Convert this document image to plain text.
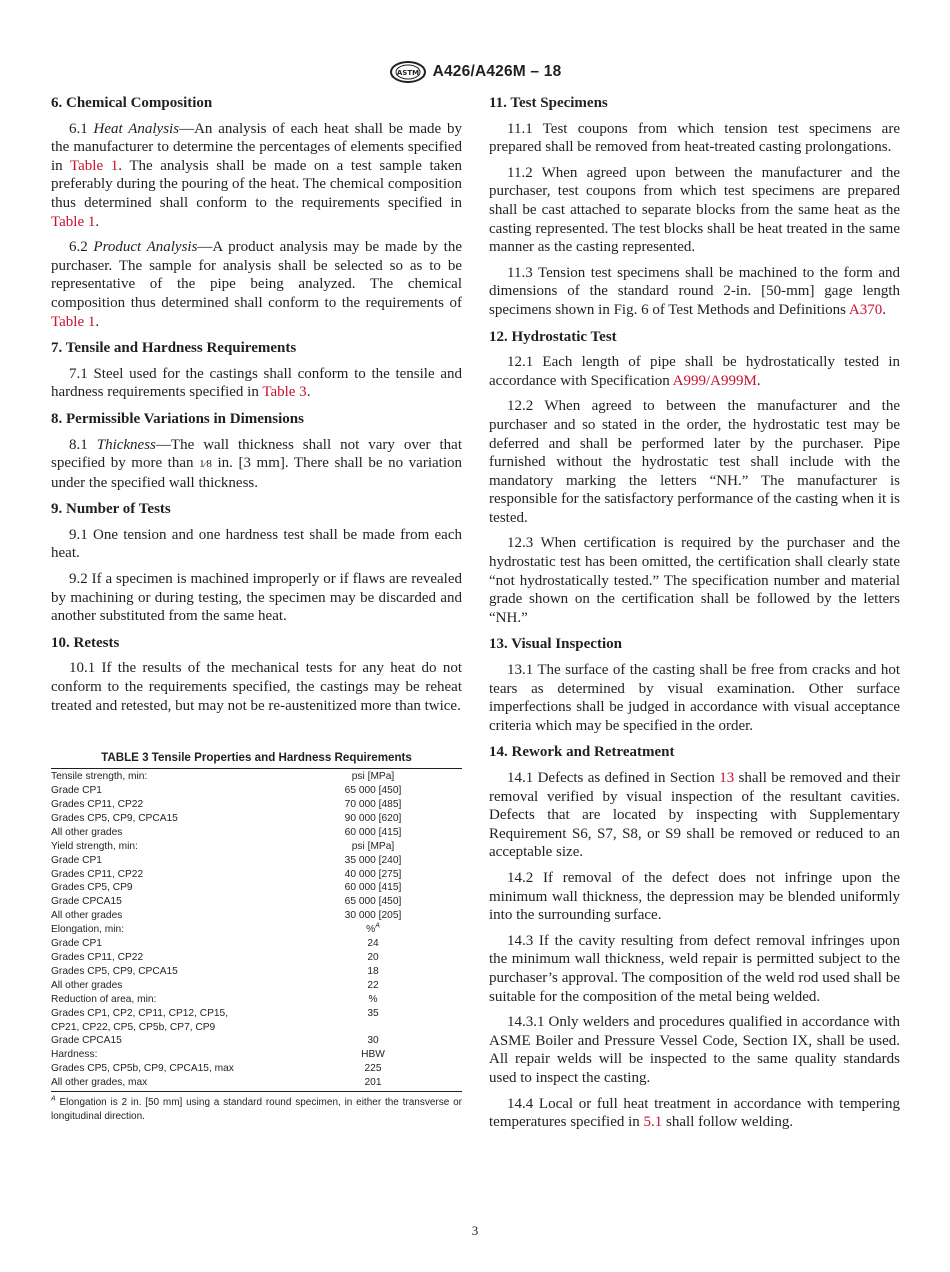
ASTM A426/A426M – 18
6. Chemical Composition

6.1 Heat Analysis—An analysis of each heat shall be made by the manufacturer to determine the percentages of elements specified in Table 1. The analysis shall be made on a test sample taken preferably during the pouring of the heat. The chemical composition thus determined shall conform to the requirements specified in Table 1.

6.2 Product Analysis—A product analysis may be made by the purchaser. The sample for analysis shall be selected so as to be representative of the pipe being analyzed. The chemical composition thus determined shall conform to the requirements of Table 1.

7. Tensile and Hardness Requirements

7.1 Steel used for the castings shall conform to the tensile and hardness requirements specified in Table 3.

8. Permissible Variations in Dimensions

8.1 Thickness—The wall thickness shall not vary over that specified by more than 1⁄8 in. [3 mm]. There shall be no variation under the specified wall thickness.

9. Number of Tests

9.1 One tension and one hardness test shall be made from each heat.

9.2 If a specimen is machined improperly or if flaws are revealed by machining or during testing, the specimen may be discarded and another substituted from the same heat.

10. Retests

10.1 If the results of the mechanical tests for any heat do not conform to the requirements specified, the castings may be reheat treated and retested, but may not be re-austenitized more than twice.

TABLE 3 Tensile Properties and Hardness Requirements
Tensile strength, min:	psi [MPa]
Grade CP1	65 000 [450]
Grades CP11, CP22	70 000 [485]
Grades CP5, CP9, CPCA15	90 000 [620]
All other grades	60 000 [415]
Yield strength, min:	psi [MPa]
Grade CP1	35 000 [240]
Grades CP11, CP22	40 000 [275]
Grades CP5, CP9	60 000 [415]
Grade CPCA15	65 000 [450]
All other grades	30 000 [205]
Elongation, min:	%$^A$
Grade CP1	24
Grades CP11, CP22	20
Grades CP5, CP9, CPCA15	18
All other grades	22
Reduction of area, min:	%
Grades CP1, CP2, CP11, CP12, CP15,	35
CP21, CP22, CP5, CP5b, CP7, CP9
Grade CPCA15	30
Hardness:	HBW
Grades CP5, CP5b, CP9, CPCA15, max	225
All other grades, max	201
$^A$ Elongation is 2 in. [50 mm] using a standard round specimen, in either the transverse or longitudinal direction.
11. Test Specimens

11.1 Test coupons from which tension test specimens are prepared shall be removed from heat-treated casting prolongations.

11.2 When agreed upon between the manufacturer and the purchaser, test coupons from which test specimens are prepared shall be cast attached to separate blocks from the same heat as the casting represented. The test blocks shall be heat treated in the same manner as the casting represented.

11.3 Tension test specimens shall be machined to the form and dimensions of the standard round 2-in. [50-mm] gage length specimens shown in Fig. 6 of Test Methods and Definitions A370.

12. Hydrostatic Test

12.1 Each length of pipe shall be hydrostatically tested in accordance with Specification A999/A999M.

12.2 When agreed to between the manufacturer and the purchaser and so stated in the order, the hydrostatic test may be deferred and shall be performed later by the purchaser. Pipe furnished without the hydrostatic test shall include with the mandatory marking the letters “NH.” The manufacturer is responsible for the satisfactory performance of the casting when it is tested.

12.3 When certification is required by the purchaser and the hydrostatic test has been omitted, the certification shall clearly state “not hydrostatically tested.” The specification number and material grade shown on the certification shall be followed by the letters “NH.”

13. Visual Inspection

13.1 The surface of the casting shall be free from cracks and hot tears as determined by visual examination. Other surface imperfections shall be judged in accordance with visual acceptance criteria which may be specified in the order.

14. Rework and Retreatment

14.1 Defects as defined in Section 13 shall be removed and their removal verified by visual inspection of the resultant cavities. Defects that are located by inspecting with Supplementary Requirement S6, S7, S8, or S9 shall be removed or reduced to an acceptable size.

14.2 If removal of the defect does not infringe upon the minimum wall thickness, the depression may be blended uniformly into the surrounding surface.

14.3 If the cavity resulting from defect removal infringes upon the minimum wall thickness, weld repair is permitted subject to the purchaser’s approval. The composition of the weld rod used shall be suitable for the composition of the metal being welded.

14.3.1 Only welders and procedures qualified in accordance with ASME Boiler and Pressure Vessel Code, Section IX, shall be used. All repair welds will be inspected to the same quality standards used to inspect the casting.

14.4 Local or full heat treatment in accordance with tempering temperatures specified in 5.1 shall follow welding.

3
